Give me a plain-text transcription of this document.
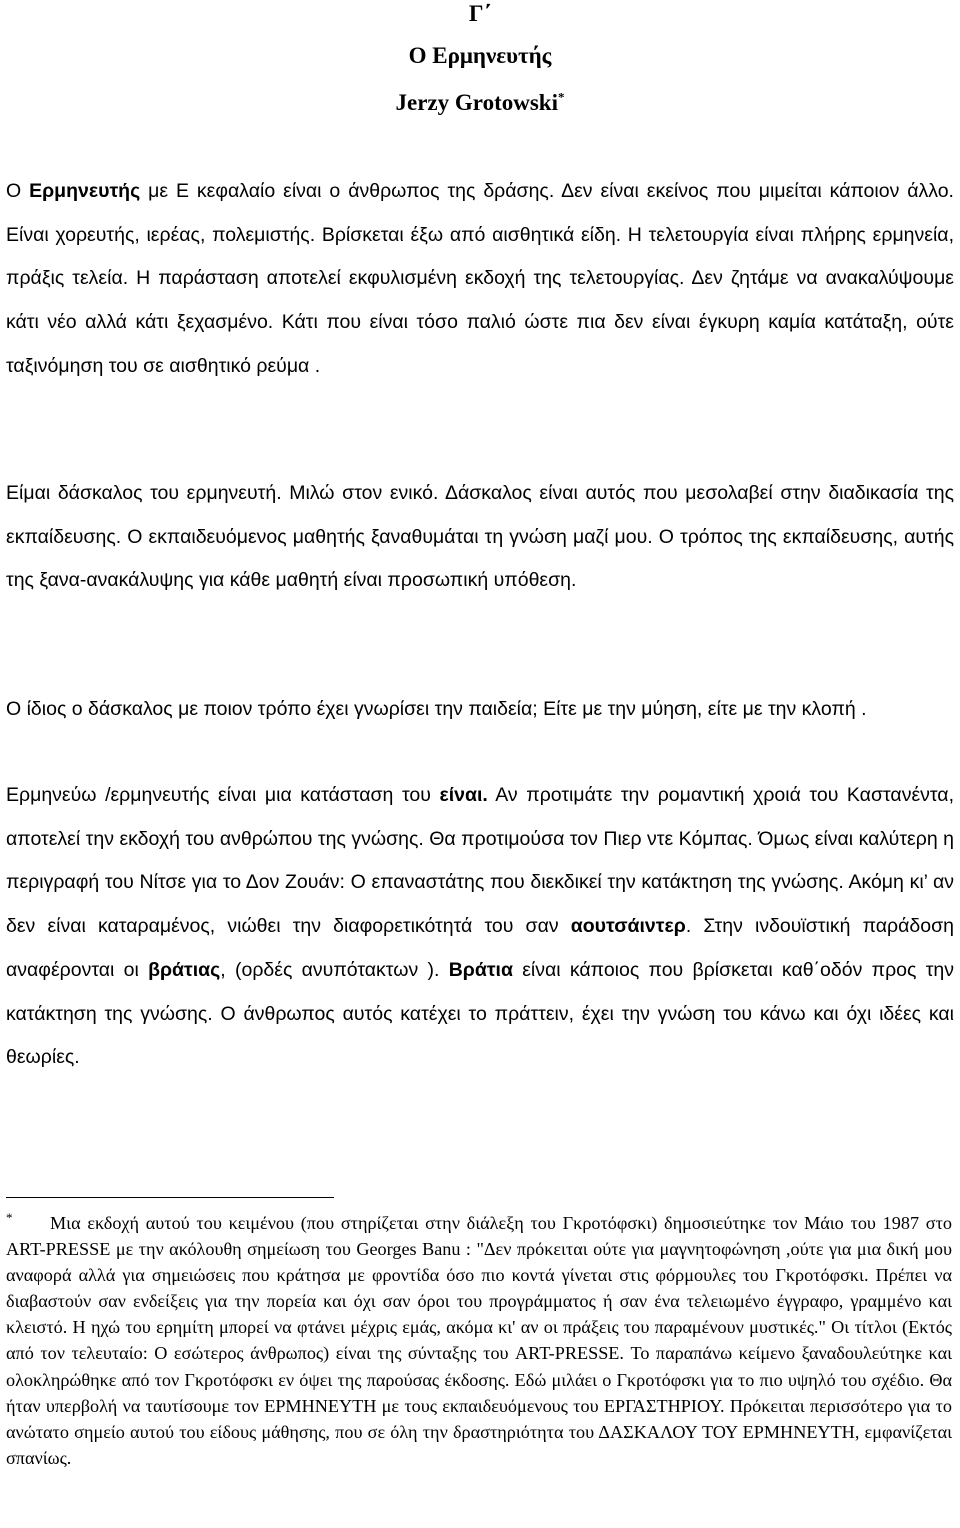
Γ΄
Ο Ερμηνευτής
Jerzy Grotowski*

Ο Ερμηνευτής με Ε κεφαλαίο είναι ο άνθρωπος της δράσης. Δεν είναι εκείνος που μιμείται κάποιον άλλο. Είναι χορευτής, ιερέας, πολεμιστής. Βρίσκεται έξω από αισθητικά είδη. Η τελετουργία είναι πλήρης ερμηνεία, πράξις τελεία. Η παράσταση αποτελεί εκφυλισμένη εκδοχή της τελετουργίας. Δεν ζητάμε να ανακαλύψουμε κάτι νέο αλλά κάτι ξεχασμένο. Κάτι που είναι τόσο παλιό ώστε πια δεν είναι έγκυρη καμία κατάταξη, ούτε ταξινόμηση του σε αισθητικό ρεύμα .

Είμαι δάσκαλος του ερμηνευτή. Μιλώ στον ενικό. Δάσκαλος είναι αυτός που μεσολαβεί στην διαδικασία της εκπαίδευσης. Ο εκπαιδευόμενος μαθητής ξαναθυμάται τη γνώση μαζί μου. Ο τρόπος της εκπαίδευσης, αυτής της ξανα-ανακάλυψης για κάθε μαθητή είναι προσωπική υπόθεση.

Ο ίδιος ο δάσκαλος με ποιον τρόπο έχει γνωρίσει την παιδεία; Είτε με την μύηση, είτε με την κλοπή .

Ερμηνεύω /ερμηνευτής είναι μια κατάσταση του είναι. Αν προτιμάτε την ρομαντική χροιά του Καστανέντα, αποτελεί την εκδοχή του ανθρώπου της γνώσης. Θα προτιμούσα τον Πιερ ντε Κόμπας. Όμως είναι καλύτερη η περιγραφή του Νίτσε για το Δον Ζουάν: Ο επαναστάτης που διεκδικεί την κατάκτηση της γνώσης. Ακόμη κι’ αν δεν είναι καταραμένος, νιώθει την διαφορετικότητά του σαν αουτσάιντερ. Στην ινδουϊστική παράδοση αναφέρονται οι βράτιας, (ορδές ανυπότακτων ). Βράτια είναι κάποιος που βρίσκεται καθ΄οδόν προς την κατάκτηση της γνώσης. Ο άνθρωπος αυτός κατέχει το πράττειν, έχει την γνώση του κάνω και όχι ιδέες και θεωρίες.

* Μια εκδοχή αυτού του κειμένου (που στηρίζεται στην διάλεξη του Γκροτόφσκι) δημοσιεύτηκε τον Μάιο του 1987 στο ART-PRESSE με την ακόλουθη σημείωση του Georges Banu : "Δεν πρόκειται ούτε για μαγνητοφώνηση ,ούτε για μια δική μου αναφορά αλλά για σημειώσεις που κράτησα με φροντίδα όσο πιο κοντά γίνεται στις φόρμουλες του Γκροτόφσκι. Πρέπει να διαβαστούν σαν ενδείξεις για την πορεία και όχι σαν όροι του προγράμματος ή σαν ένα τελειωμένο έγγραφο, γραμμένο και κλειστό. Η ηχώ του ερημίτη μπορεί να φτάνει μέχρις εμάς, ακόμα κι' αν οι πράξεις του παραμένουν μυστικές." Οι τίτλοι (Εκτός από τον τελευταίο: Ο εσώτερος άνθρωπος) είναι της σύνταξης του ART-PRESSE. Το παραπάνω κείμενο ξαναδουλεύτηκε και ολοκληρώθηκε από τον Γκροτόφσκι εν όψει της παρούσας έκδοσης. Εδώ μιλάει ο Γκροτόφσκι για το πιο υψηλό του σχέδιο. Θα ήταν υπερβολή να ταυτίσουμε τον ΕΡΜΗΝΕΥΤΗ με τους εκπαιδευόμενους του ΕΡΓΑΣΤΗΡΙΟΥ. Πρόκειται περισσότερο για το ανώτατο σημείο αυτού του είδους μάθησης, που σε όλη την δραστηριότητα του ΔΑΣΚΑΛΟΥ ΤΟΥ ΕΡΜΗΝΕΥΤΗ, εμφανίζεται σπανίως.
